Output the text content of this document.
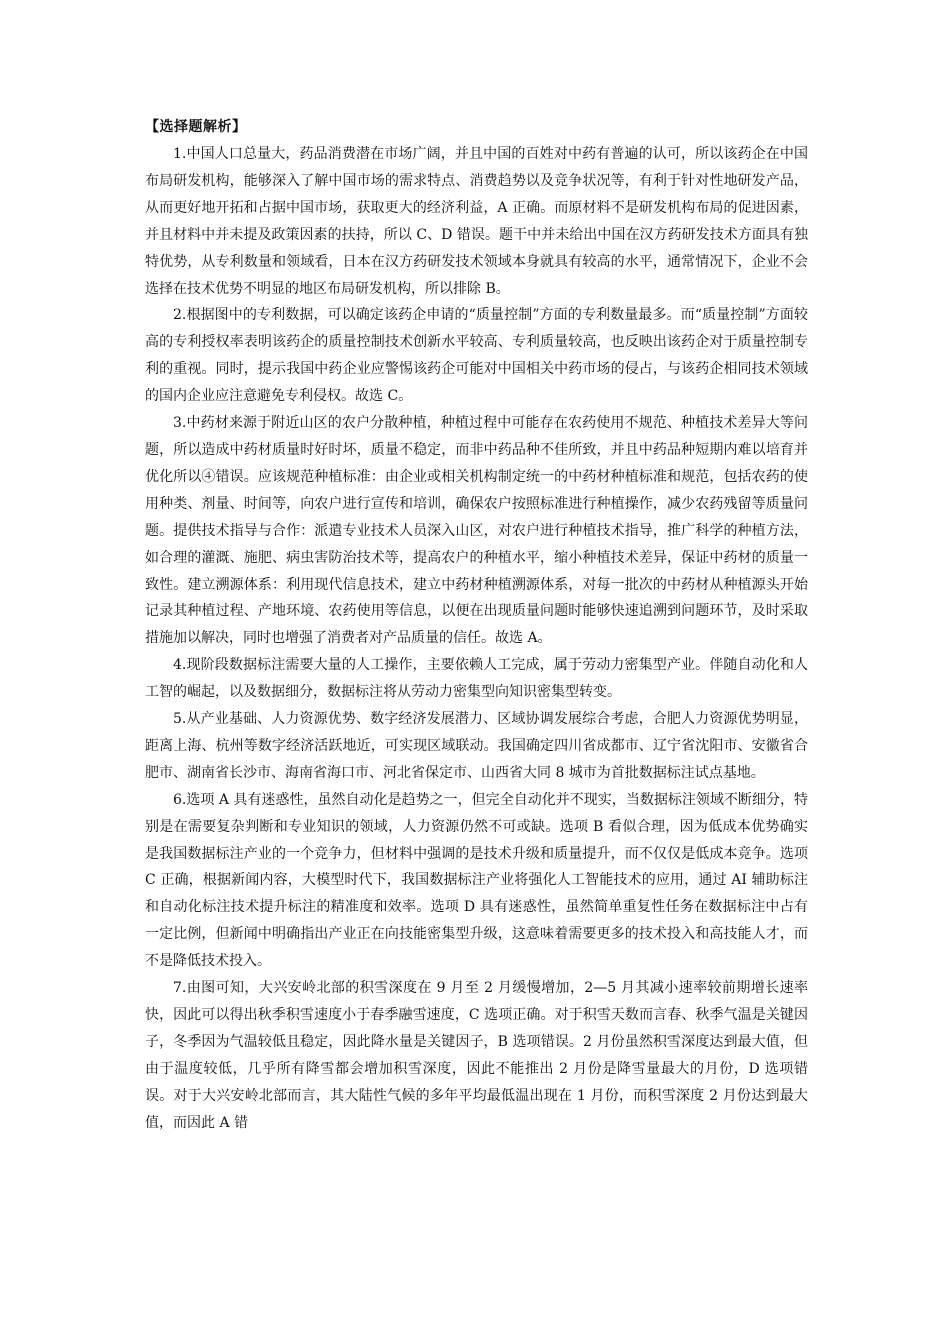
【选择题解析】

1.中国人口总量大，药品消费潜在市场广阔，并且中国的百姓对中药有普遍的认可，所以该药企在中国布局研发机构，能够深入了解中国市场的需求特点、消费趋势以及竞争状况等，有利于针对性地研发产品，从而更好地开拓和占据中国市场，获取更大的经济利益，A 正确。而原材料不是研发机构布局的促进因素，并且材料中并未提及政策因素的扶持，所以 C、D 错误。题干中并未给出中国在汉方药研发技术方面具有独特优势，从专利数量和领域看，日本在汉方药研发技术领域本身就具有较高的水平，通常情况下，企业不会选择在技术优势不明显的地区布局研发机构，所以排除 B。

2.根据图中的专利数据，可以确定该药企申请的“质量控制”方面的专利数量最多。而“质量控制”方面较高的专利授权率表明该药企的质量控制技术创新水平较高、专利质量较高，也反映出该药企对于质量控制专利的重视。同时，提示我国中药企业应警惕该药企可能对中国相关中药市场的侵占，与该药企相同技术领域的国内企业应注意避免专利侵权。故选 C。

3.中药材来源于附近山区的农户分散种植，种植过程中可能存在农药使用不规范、种植技术差异大等问题，所以造成中药材质量时好时坏，质量不稳定，而非中药品种不佳所致，并且中药品种短期内难以培育并优化所以④错误。应该规范种植标准：由企业或相关机构制定统一的中药材种植标准和规范，包括农药的使用种类、剂量、时间等，向农户进行宣传和培训，确保农户按照标准进行种植操作，减少农药残留等质量问题。提供技术指导与合作：派遣专业技术人员深入山区，对农户进行种植技术指导，推广科学的种植方法，如合理的灌溉、施肥、病虫害防治技术等，提高农户的种植水平，缩小种植技术差异，保证中药材的质量一致性。建立溯源体系：利用现代信息技术，建立中药材种植溯源体系，对每一批次的中药材从种植源头开始记录其种植过程、产地环境、农药使用等信息，以便在出现质量问题时能够快速追溯到问题环节，及时采取措施加以解决，同时也增强了消费者对产品质量的信任。故选 A。

4.现阶段数据标注需要大量的人工操作，主要依赖人工完成，属于劳动力密集型产业。伴随自动化和人工智的崛起，以及数据细分，数据标注将从劳动力密集型向知识密集型转变。

5.从产业基础、人力资源优势、数字经济发展潜力、区域协调发展综合考虑，合肥人力资源优势明显，距离上海、杭州等数字经济活跃地近，可实现区域联动。我国确定四川省成都市、辽宁省沈阳市、安徽省合肥市、湖南省长沙市、海南省海口市、河北省保定市、山西省大同 8 城市为首批数据标注试点基地。

6.选项 A 具有迷惑性，虽然自动化是趋势之一，但完全自动化并不现实，当数据标注领域不断细分，特别是在需要复杂判断和专业知识的领域，人力资源仍然不可或缺。选项 B 看似合理，因为低成本优势确实是我国数据标注产业的一个竞争力，但材料中强调的是技术升级和质量提升，而不仅仅是低成本竞争。选项 C 正确，根据新闻内容，大模型时代下，我国数据标注产业将强化人工智能技术的应用，通过 AI 辅助标注和自动化标注技术提升标注的精准度和效率。选项 D 具有迷惑性，虽然简单重复性任务在数据标注中占有一定比例，但新闻中明确指出产业正在向技能密集型升级，这意味着需要更多的技术投入和高技能人才，而不是降低技术投入。

7.由图可知，大兴安岭北部的积雪深度在 9 月至 2 月缓慢增加，2—5 月其减小速率较前期增长速率快，因此可以得出秋季积雪速度小于春季融雪速度，C 选项正确。对于积雪天数而言春、秋季气温是关键因子，冬季因为气温较低且稳定，因此降水量是关键因子，B 选项错误。2 月份虽然积雪深度达到最大值，但由于温度较低，几乎所有降雪都会增加积雪深度，因此不能推出 2 月份是降雪量最大的月份，D 选项错误。对于大兴安岭北部而言，其大陆性气候的多年平均最低温出现在 1 月份，而积雪深度 2 月份达到最大值，而因此 A 错
